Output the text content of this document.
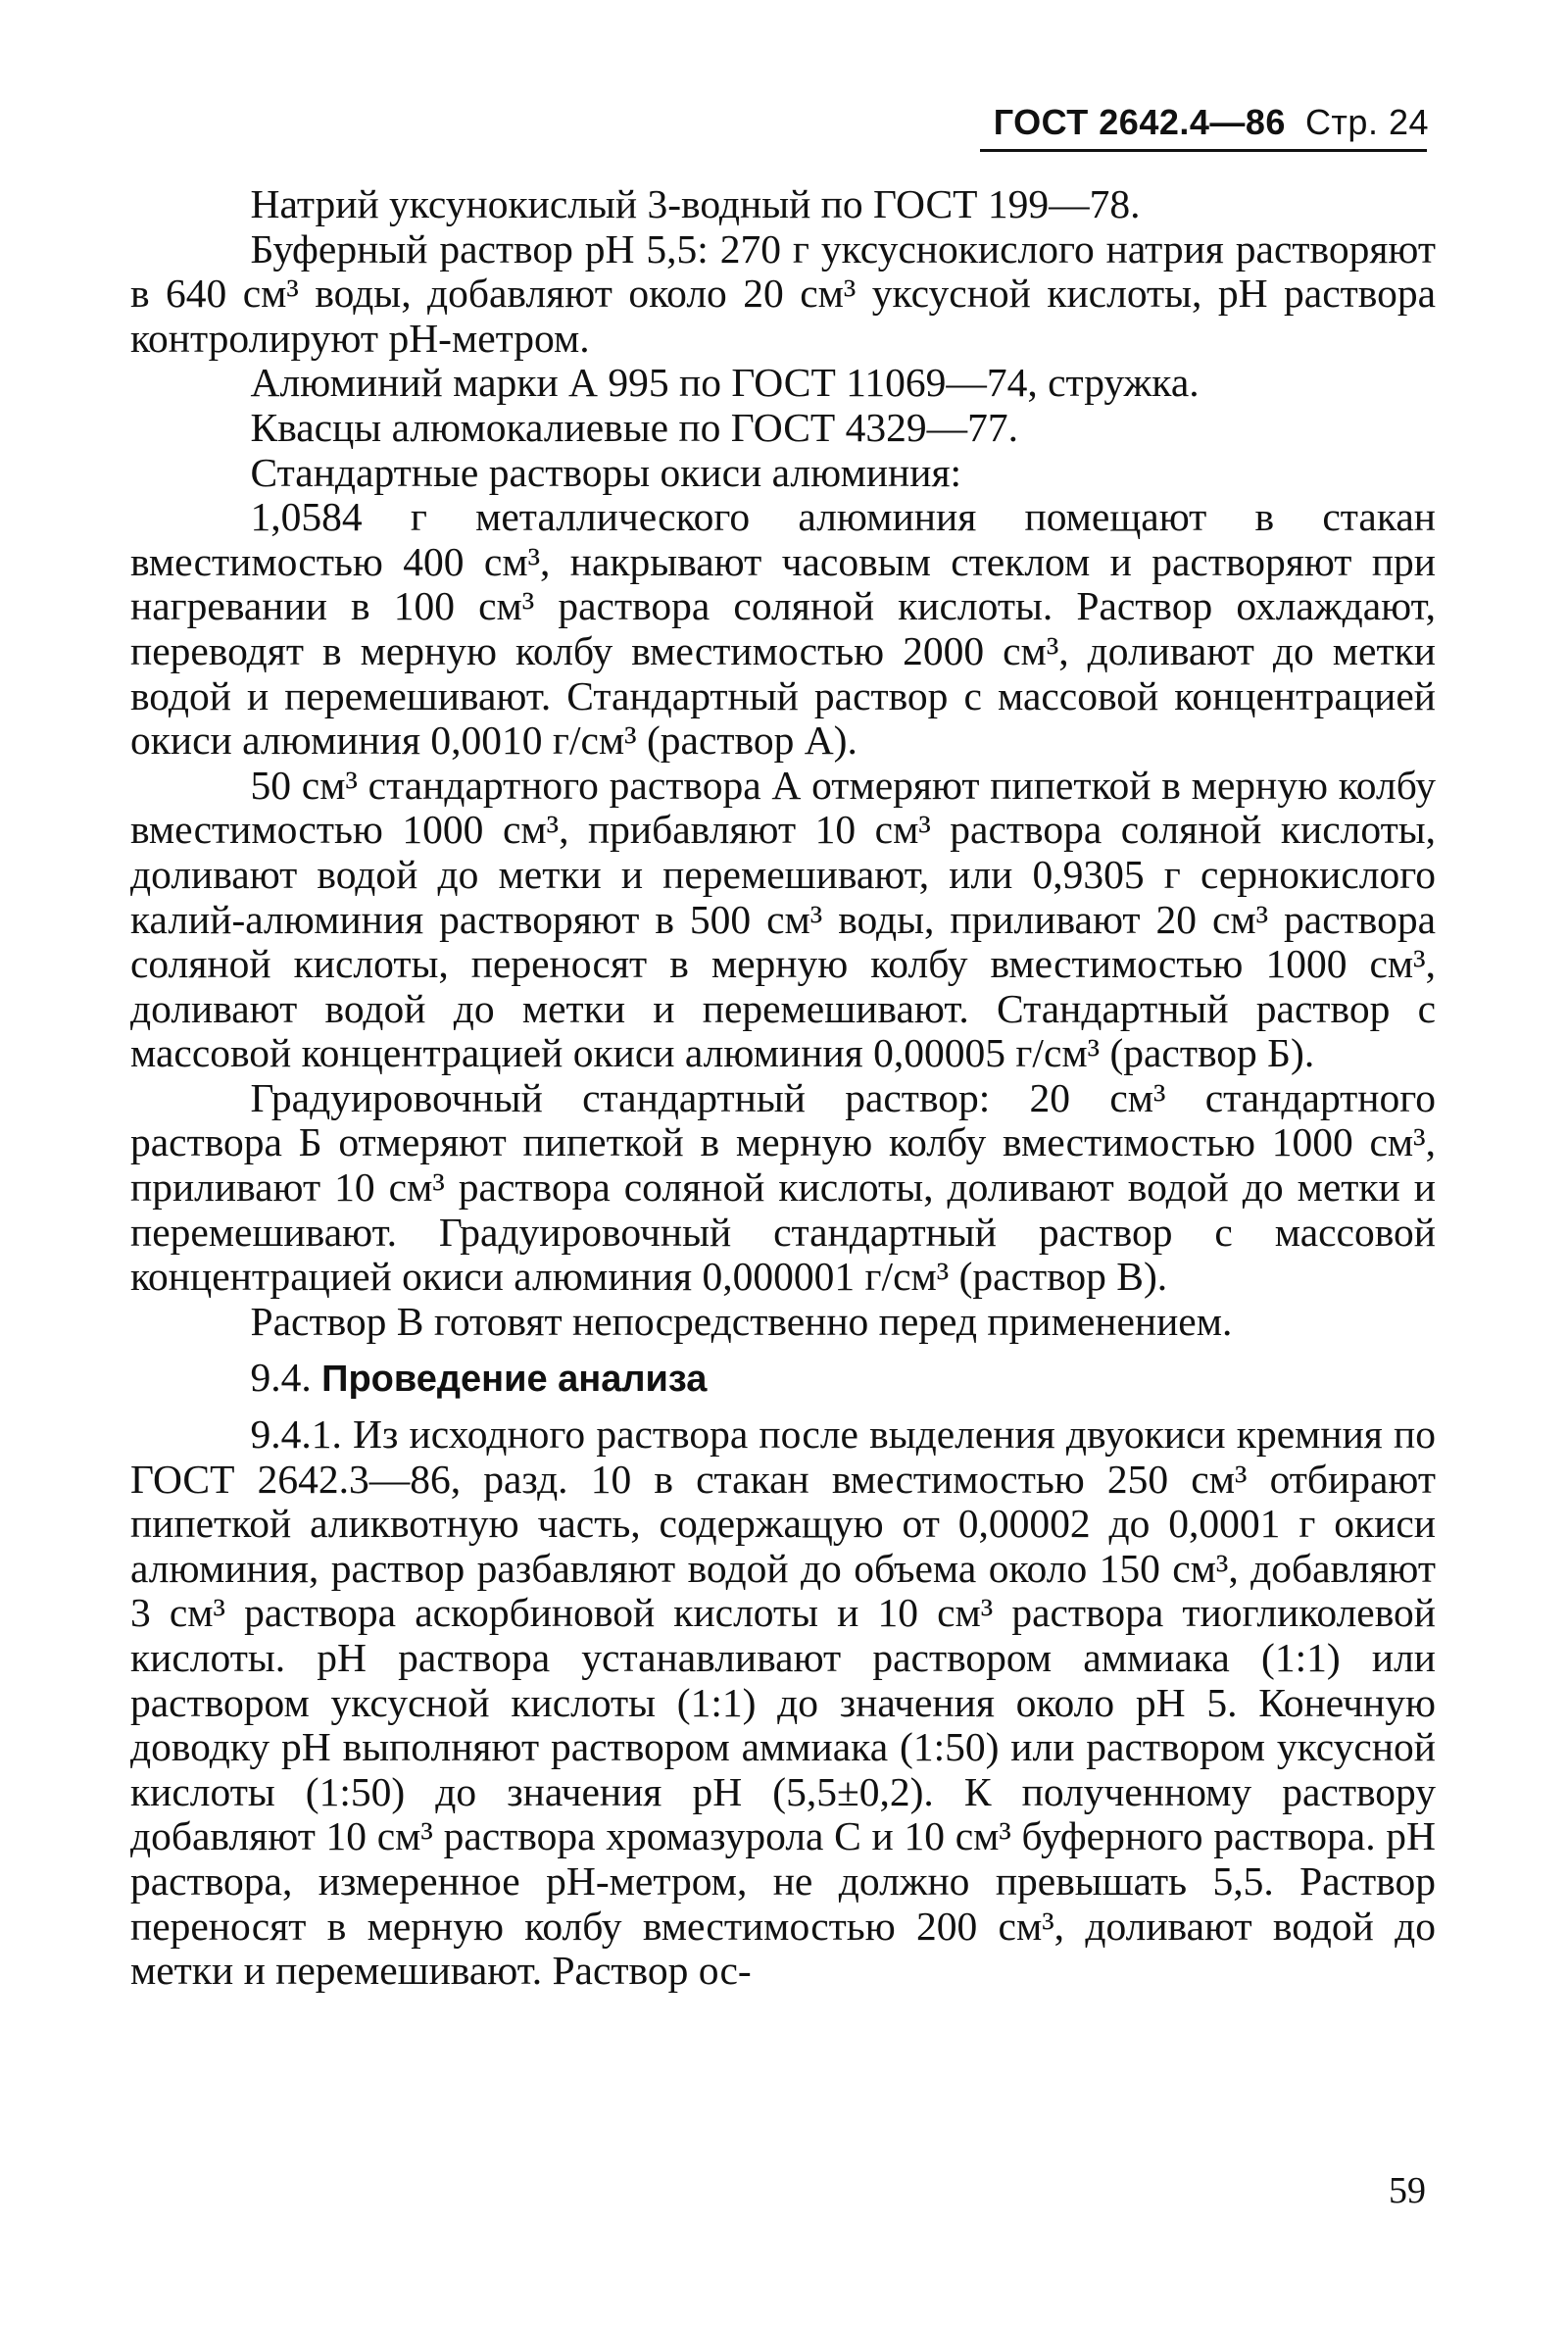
ГОСТ 2642.4—86 Стр. 24

Натрий уксунокислый 3-водный по ГОСТ 199—78.

Буферный раствор рН 5,5: 270 г уксуснокислого натрия растворяют в 640 см³ воды, добавляют около 20 см³ уксусной кислоты, рН раствора контролируют рН-метром.

Алюминий марки А 995 по ГОСТ 11069—74, стружка.

Квасцы алюмокалиевые по ГОСТ 4329—77.

Стандартные растворы окиси алюминия:

1,0584 г металлического алюминия помещают в стакан вместимостью 400 см³, накрывают часовым стеклом и растворяют при нагревании в 100 см³ раствора соляной кислоты. Раствор охлаждают, переводят в мерную колбу вместимостью 2000 см³, доливают до метки водой и перемешивают. Стандартный раствор с массовой концентрацией окиси алюминия 0,0010 г/см³ (раствор А).

50 см³ стандартного раствора А отмеряют пипеткой в мерную колбу вместимостью 1000 см³, прибавляют 10 см³ раствора соляной кислоты, доливают водой до метки и перемешивают, или 0,9305 г сернокислого калий-алюминия растворяют в 500 см³ воды, приливают 20 см³ раствора соляной кислоты, переносят в мерную колбу вместимостью 1000 см³, доливают водой до метки и перемешивают. Стандартный раствор с массовой концентрацией окиси алюминия 0,00005 г/см³ (раствор Б).

Градуировочный стандартный раствор: 20 см³ стандартного раствора Б отмеряют пипеткой в мерную колбу вместимостью 1000 см³, приливают 10 см³ раствора соляной кислоты, доливают водой до метки и перемешивают. Градуировочный стандартный раствор с массовой концентрацией окиси алюминия 0,000001 г/см³ (раствор В).

Раствор В готовят непосредственно перед применением.

9.4. Проведение анализа

9.4.1. Из исходного раствора после выделения двуокиси кремния по ГОСТ 2642.3—86, разд. 10 в стакан вместимостью 250 см³ отбирают пипеткой аликвотную часть, содержащую от 0,00002 до 0,0001 г окиси алюминия, раствор разбавляют водой до объема около 150 см³, добавляют 3 см³ раствора аскорбиновой кислоты и 10 см³ раствора тиогликолевой кислоты. рН раствора устанавливают раствором аммиака (1:1) или раствором уксусной кислоты (1:1) до значения около рН 5. Конечную доводку рН выполняют раствором аммиака (1:50) или раствором уксусной кислоты (1:50) до значения рН (5,5±0,2). К полученному раствору добавляют 10 см³ раствора хромазурола С и 10 см³ буферного раствора. рН раствора, измеренное рН-метром, не должно превышать 5,5. Раствор переносят в мерную колбу вместимостью 200 см³, доливают водой до метки и перемешивают. Раствор ос-

59
